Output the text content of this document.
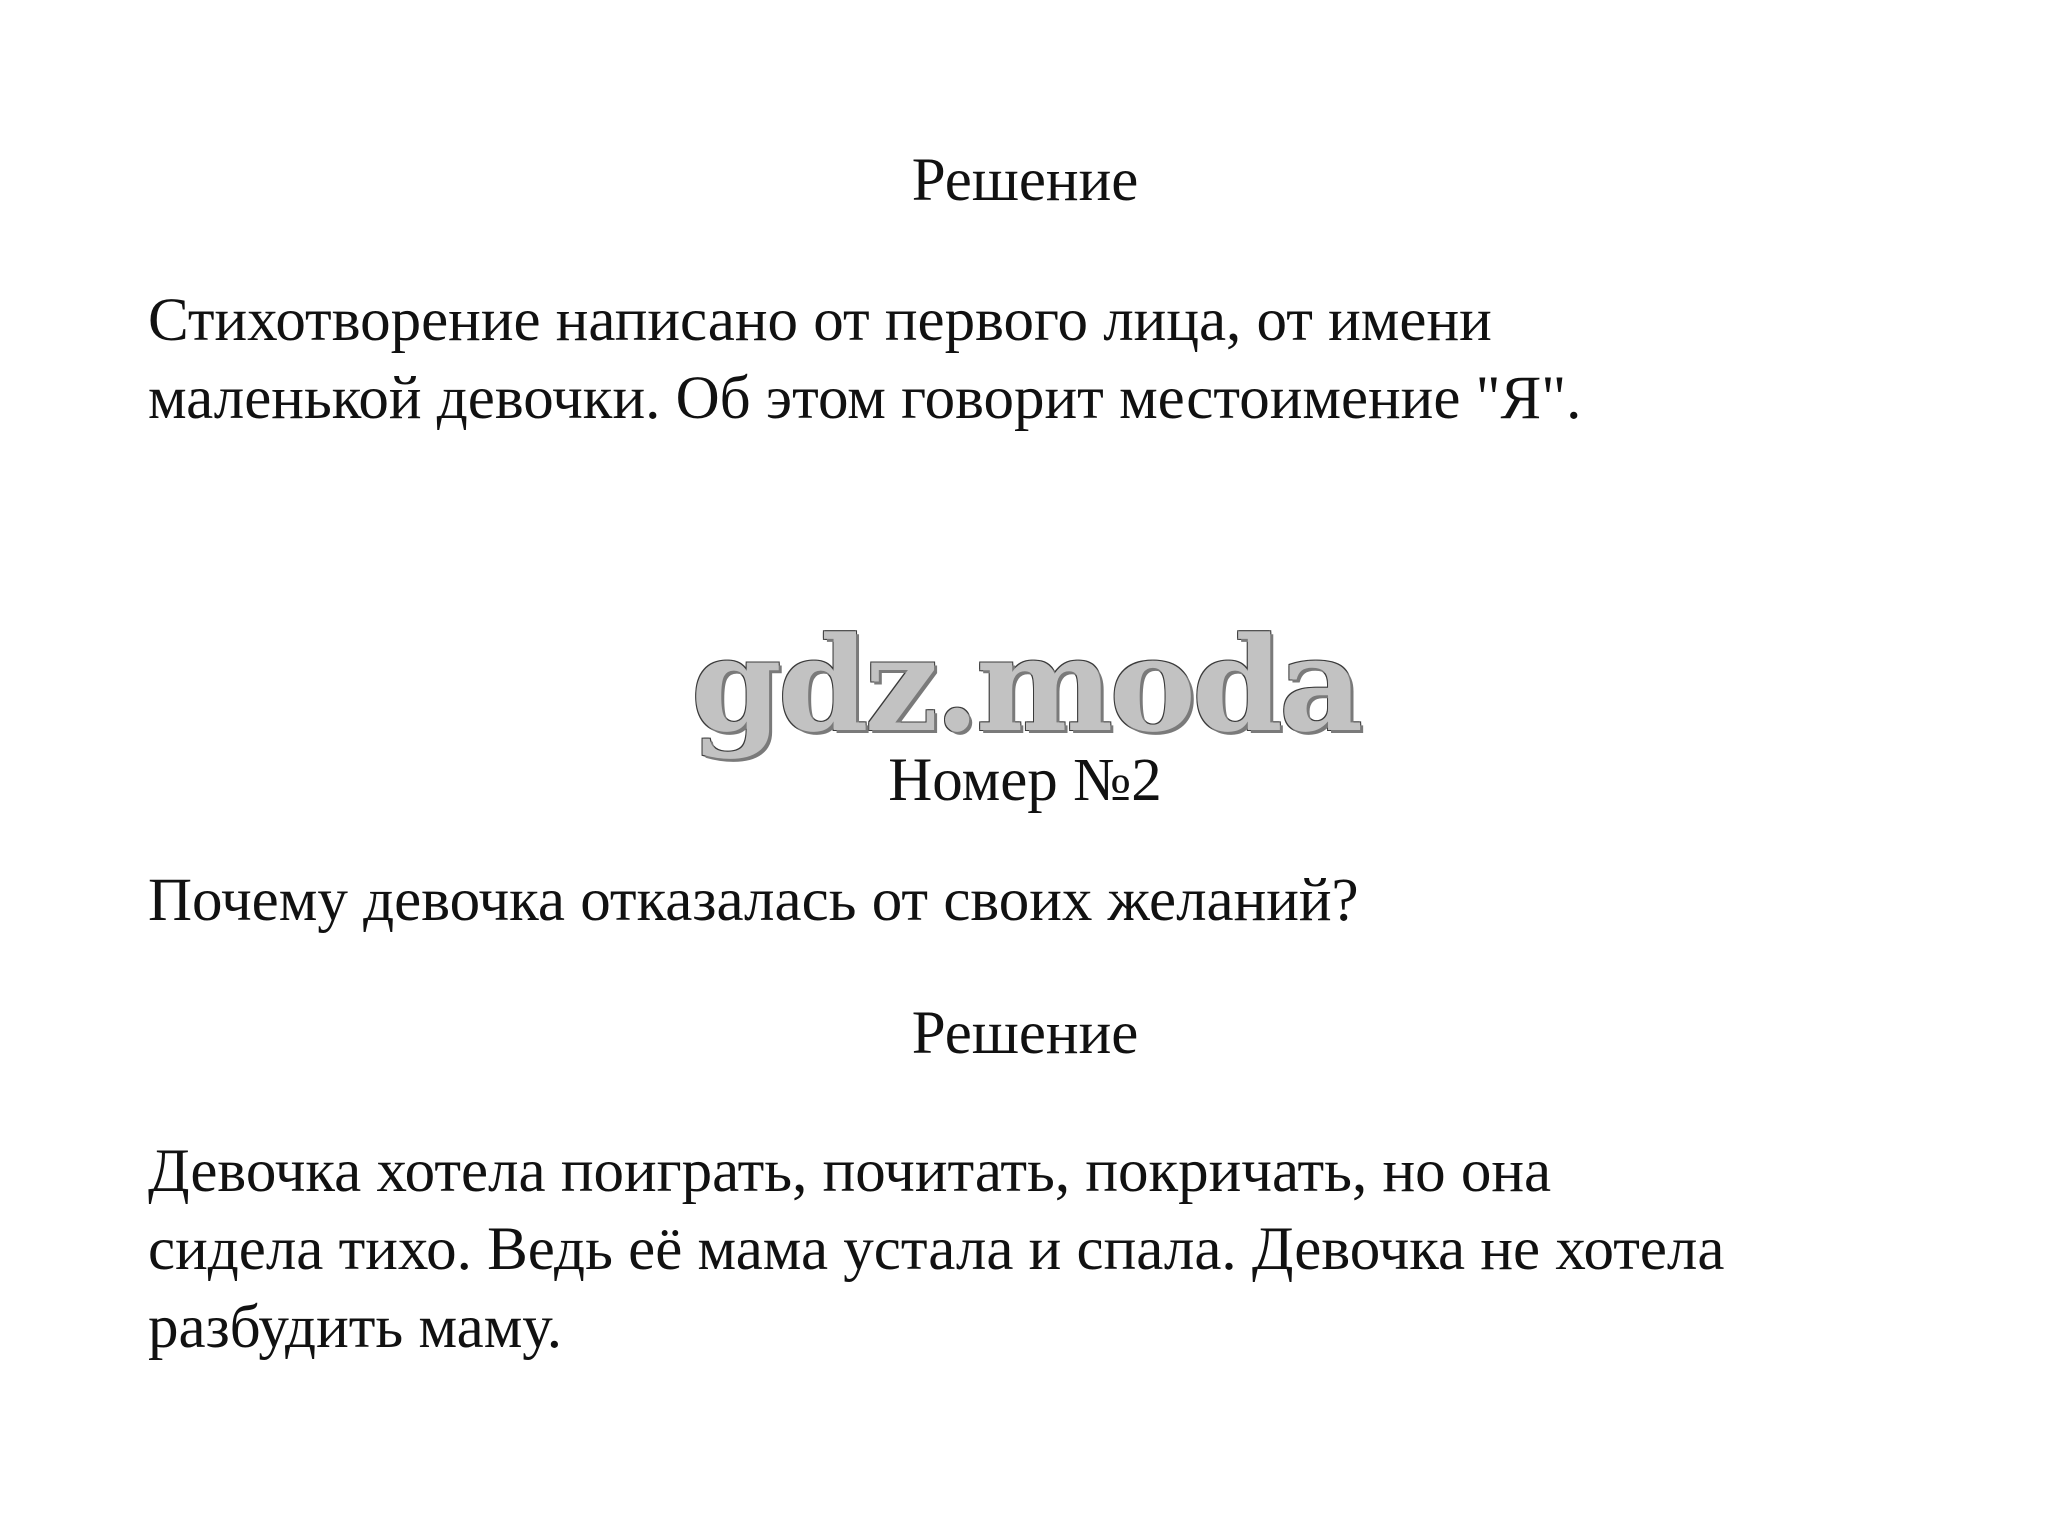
Решение
Стихотворение написано от первого лица, от имени
маленькой девочки. Об этом говорит местоимение "Я".
gdz.moda
Номер №2
Почему девочка отказалась от своих желаний?
Решение
Девочка хотела поиграть, почитать, покричать, но она
сидела тихо. Ведь её мама устала и спала. Девочка не хотела
разбудить маму.
